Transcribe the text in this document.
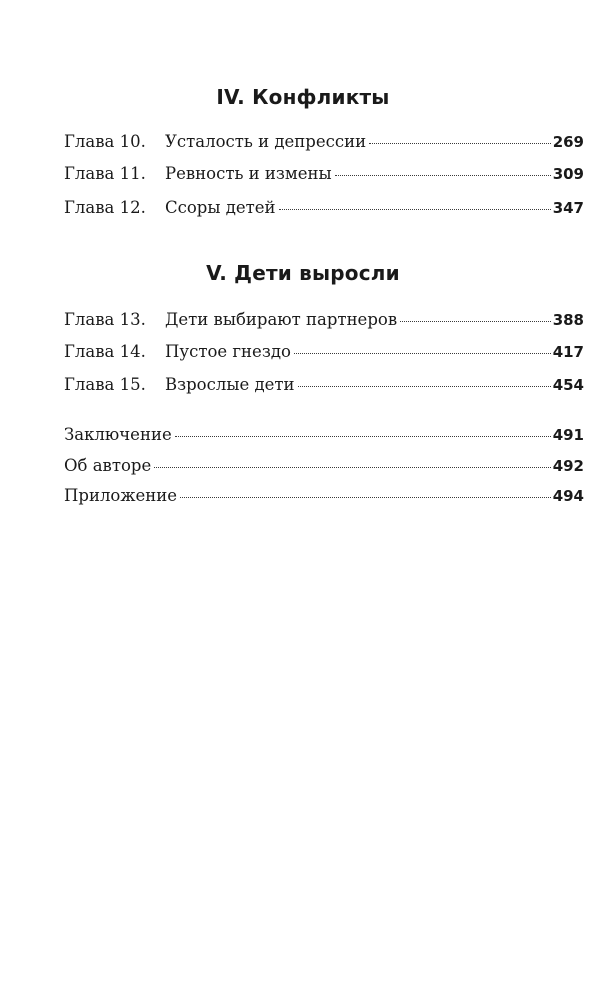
IV. Конфликты
Глава 10.	Усталость и депрессии	269
Глава 11.	Ревность и измены	309
Глава 12.	Ссоры детей	347
V. Дети выросли
Глава 13.	Дети выбирают партнеров	388
Глава 14.	Пустое гнездо	417
Глава 15.	Взрослые дети	454
Заключение	491
Об авторе	492
Приложение	494
